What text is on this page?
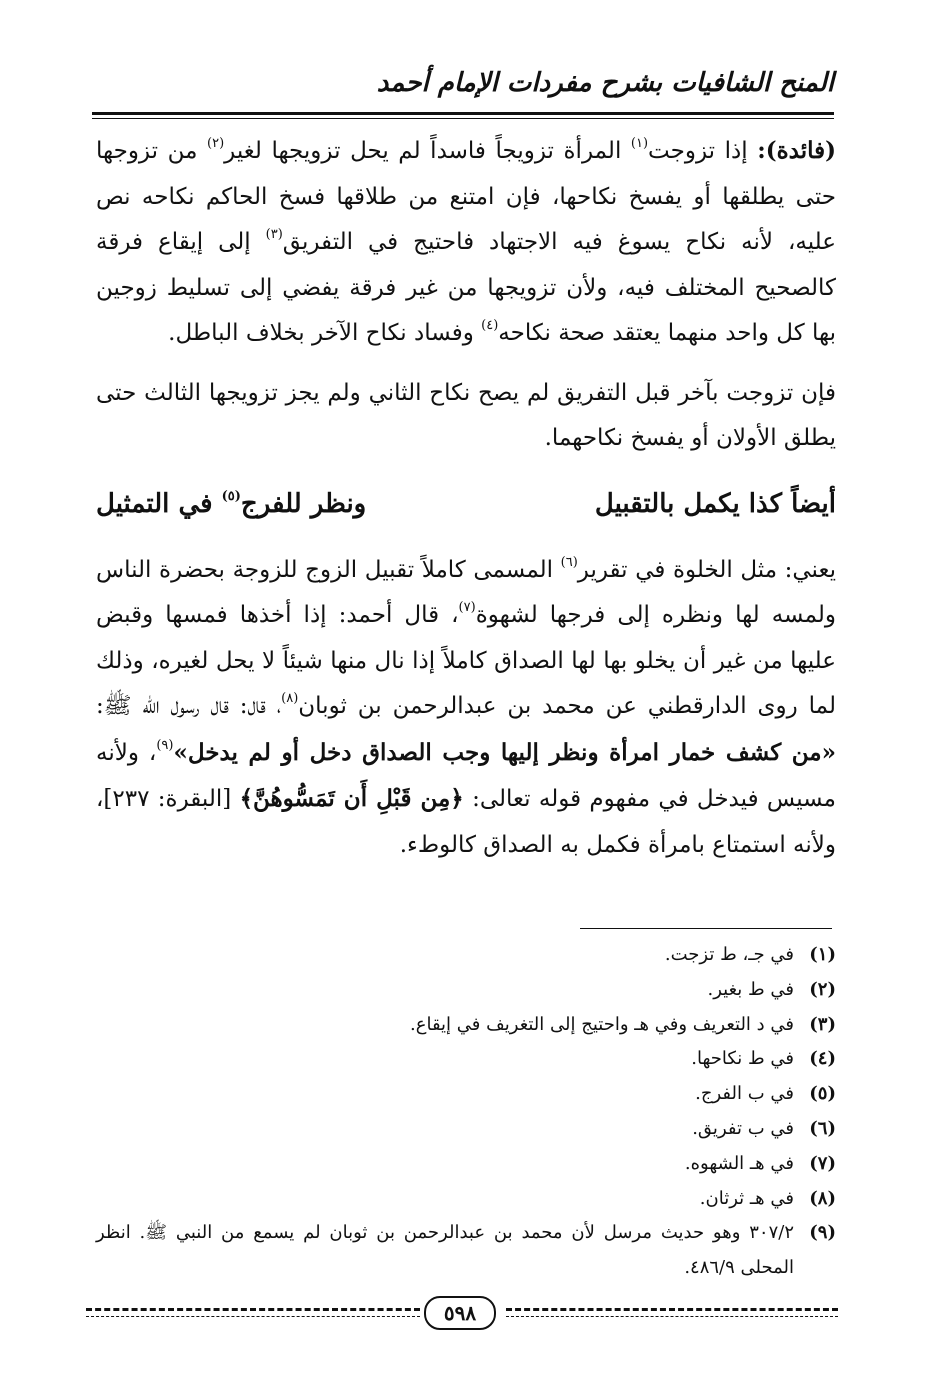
المنح الشافيات بشرح مفردات الإمام أحمد

(فائدة): إذا تزوجت$^{(١)}$ المرأة تزويجاً فاسداً لم يحل تزويجها لغير$^{(٢)}$ من تزوجها حتى يطلقها أو يفسخ نكاحها، فإن امتنع من طلاقها فسخ الحاكم نكاحه نص عليه، لأنه نكاح يسوغ فيه الاجتهاد فاحتيج في التفريق$^{(٣)}$ إلى إيقاع فرقة كالصحيح المختلف فيه، ولأن تزويجها من غير فرقة يفضي إلى تسليط زوجين بها كل واحد منهما يعتقد صحة نكاحه$^{(٤)}$ وفساد نكاح الآخر بخلاف الباطل.

فإن تزوجت بآخر قبل التفريق لم يصح نكاح الثاني ولم يجز تزويجها الثالث حتى يطلق الأولان أو يفسخ نكاحهما.

أيضاً كذا يكمل بالتقبيل
ونظر للفرج$^{(٥)}$ في التمثيل

يعني: مثل الخلوة في تقرير$^{(٦)}$ المسمى كاملاً تقبيل الزوج للزوجة بحضرة الناس ولمسه لها ونظره إلى فرجها لشهوة$^{(٧)}$، قال أحمد: إذا أخذها فمسها وقبض عليها من غير أن يخلو بها لها الصداق كاملاً إذا نال منها شيئاً لا يحل لغيره، وذلك لما روى الدارقطني عن محمد بن عبدالرحمن بن ثوبان$^{(٨)}$، قال: قال رسول الله ﷺ: «من كشف خمار امرأة ونظر إليها وجب الصداق دخل أو لم يدخل»$^{(٩)}$، ولأنه مسيس فيدخل في مفهوم قوله تعالى: ﴿مِن قَبْلِ أَن تَمَسُّوهُنَّ﴾ [البقرة: ٢٣٧]، ولأنه استمتاع بامرأة فكمل به الصداق كالوطء.

(١)
في جـ، ط تزجت.
(٢)
في ط بغير.
(٣)
في د التعريف وفي هـ واحتيج إلى التغريف في إيقاع.
(٤)
في ط نكاحها.
(٥)
في ب الفرج.
(٦)
في ب تفريق.
(٧)
في هـ الشهوه.
(٨)
في هـ ثرثان.
(٩)
٣٠٧/٢ وهو حديث مرسل لأن محمد بن عبدالرحمن بن ثوبان لم يسمع من النبي ﷺ. انظر المحلى ٤٨٦/٩.
٥٩٨
